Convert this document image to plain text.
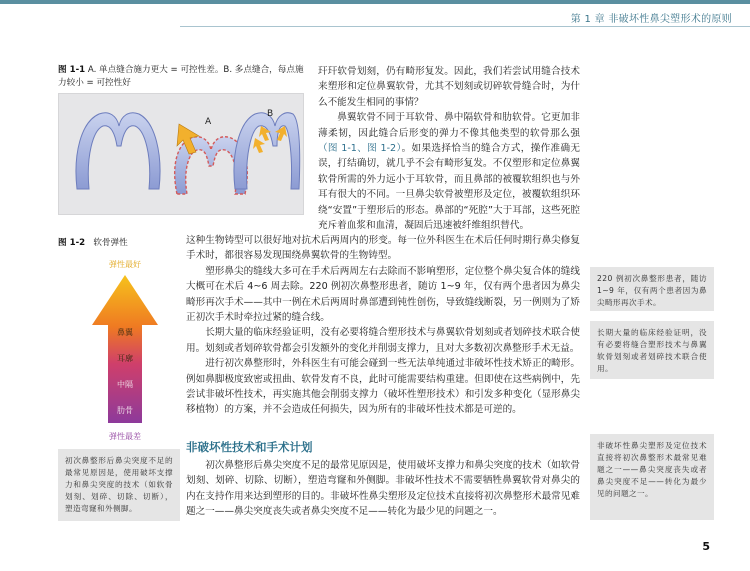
第 1 章 非破坏性鼻尖塑形术的原则
图 1-1 A. 单点缝合施力更大 = 可控性差。B. 多点缝合，每点施力较小 = 可控性好
A
B
图 1-2 软骨弹性
弹性最好
鼻翼
耳廓
中隔
肋骨
弹性最差

玕玕软骨划刻，仍有畸形复发。因此，我们若尝试用缝合技术来塑形和定位鼻翼软骨，尤其不划刻或切碎软骨缝合时，为什么不能发生相同的事情？

鼻翼软骨不同于耳软骨、鼻中隔软骨和肋软骨。它更加非薄柔韧，因此缝合后形变的弹力不像其他类型的软骨那么强（图 1-1、图 1-2）。如果选择恰当的缝合方式，操作准确无误，打结确切，就几乎不会有畸形复发。不仅塑形和定位鼻翼软骨所需的外力远小于耳软骨，而且鼻部的被覆软组织也与外耳有很大的不同。一旦鼻尖软骨被塑形及定位，被覆软组织环绕“安置”于塑形后的形态。鼻部的“死腔”大于耳部，这些死腔充斥着血浆和血清，凝固后迅速被纤维组织替代。

这种生物铸型可以很好地对抗术后两周内的形变。每一位外科医生在术后任何时期行鼻尖修复手术时，都很容易发现围绕鼻翼软骨的生物铸型。

塑形鼻尖的缝线大多可在手术后两周左右去除而不影响塑形，定位整个鼻尖复合体的缝线大概可在术后 4~6 周去除。220 例初次鼻整形患者，随访 1~9 年，仅有两个患者因为鼻尖畸形再次手术——其中一例在术后两周时鼻部遭到钝性创伤，导致缝线断裂，另一例则为了矫正初次手术时牵拉过紧的缝合线。

长期大量的临床经验证明，没有必要将缝合塑形技术与鼻翼软骨划刻或者划碎技术联合使用。划刻或者划碎软骨都会引发额外的变化并削弱支撑力，且对大多数初次鼻整形手术无益。

进行初次鼻整形时，外科医生有可能会碰到一些无法单纯通过非破坏性技术矫正的畸形。例如鼻脚极度致密或扭曲、软骨发育不良，此时可能需要结构重建。但即使在这些病例中，先尝试非破坏性技术，再实施其他会削弱支撑力（破坏性塑形技术）和引发多种变化（显形鼻尖移植物）的方案，并不会造成任何损失，因为所有的非破坏性技术都是可逆的。

非破坏性技术和手术计划

初次鼻整形后鼻尖突度不足的最常见原因是，使用破坏支撑力和鼻尖突度的技术（如软骨划刻、划碎、切除、切断），塑造弯窿和外侧脚。非破坏性技术不需要牺牲鼻翼软骨对鼻尖的内在支持作用来达到塑形的目的。非破坏性鼻尖塑形及定位技术直接将初次鼻整形术最常见难题之一——鼻尖突度丧失或者鼻尖突度不足——转化为最少见的问题之一。

初次鼻整形后鼻尖突度不足的最常见原因是，使用破坏支撑力和鼻尖突度的技术（如软骨划刻、划碎、切除、切断），塑造弯窿和外侧脚。
220 例初次鼻整形患者，随访 1~9 年，仅有两个患者因为鼻尖畸形再次手术。
长期大量的临床经验证明，没有必要将缝合塑形技术与鼻翼软骨划刻或者划碎技术联合使用。
非破坏性鼻尖塑形及定位技术直接将初次鼻整形术最常见难题之一——鼻尖突度丧失或者鼻尖突度不足——转化为最少见的问题之一。
5
